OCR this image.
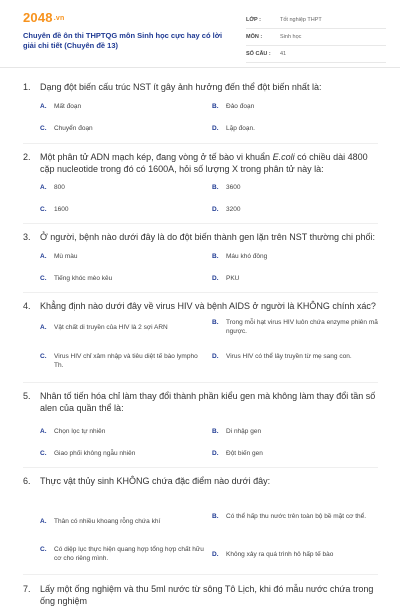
2048.vn
Chuyên đề ôn thi THPTQG môn Sinh học cực hay có lời giải chi tiết (Chuyên đề 13)
LỚP :	Tốt nghiệp THPT
MÔN :	Sinh học
SỐ CÂU :	41
1.	Dạng đột biến cấu trúc NST ít gây ảnh hưởng đến thể đột biến nhất là:
A.	Mất đoạn	B.	Đảo đoạn
C.	Chuyển đoạn	D.	Lặp đoạn.
2.	Một phân tử ADN mạch kép, đang vòng ở tế bào vi khuẩn E.coli có chiều dài 4800 cặp nucleotide trong đó có 1600A, hỏi số lượng X trong phân tử này là:
A.	800	B.	3600
C.	1600	D.	3200
3.	Ở người, bệnh nào dưới đây là do đột biến thành gen lặn trên NST thường chi phối:
A.	Mù màu	B.	Máu khó đông
C.	Tiếng khóc mèo kêu	D.	PKU
4.	Khẳng định nào dưới đây về virus HIV và bệnh AIDS ở người là KHÔNG chính xác?
A.	Vật chất di truyền của HIV là 2 sợi ARN
B.	Trong mỗi hạt virus HIV luôn chứa enzyme phiên mã ngược.
C.	Virus HIV chỉ xâm nhập và tiêu diệt tế bào lympho Th.
D.	Virus HIV có thể lây truyền từ mẹ sang con.
5.	Nhân tố tiến hóa chỉ làm thay đổi thành phần kiểu gen mà không làm thay đổi tần số alen của quần thể là:
A.	Chọn lọc tự nhiên	B.	Di nhập gen
C.	Giao phối không ngẫu nhiên	D.	Đột biến gen
6.	Thực vật thủy sinh KHÔNG chứa đặc điểm nào dưới đây:
A.	Thân có nhiều khoang rỗng chứa khí
B.	Có thể hấp thu nước trên toàn bộ bề mặt cơ thể.
C.	Có diệp lục thực hiện quang hợp tổng hợp chất hữu cơ cho riêng mình.
D.	Không xảy ra quá trình hô hấp tế bào
7.	Lấy một ống nghiệm và thu 5ml nước từ sông Tô Lịch, khi đó mẫu nước chứa trong ống nghiệm
